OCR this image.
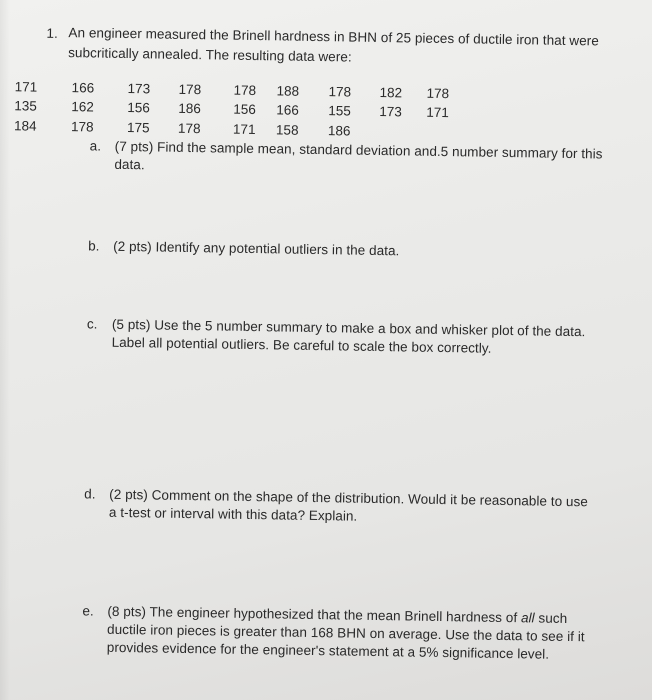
1. An engineer measured the Brinell hardness in BHN of 25 pieces of ductile iron that were
subcritically annealed. The resulting data were:
171	166	173	178	178	188	178	182	178
135	162	156	186	156	166	155	173	171
184	178	175	178	171	158	186
a. (7 pts) Find the sample mean, standard deviation and.5 number summary for this
data.
b. (2 pts) Identify any potential outliers in the data.
c. (5 pts) Use the 5 number summary to make a box and whisker plot of the data.
Label all potential outliers. Be careful to scale the box correctly.
d. (2 pts) Comment on the shape of the distribution. Would it be reasonable to use
a t-test or interval with this data? Explain.
e. (8 pts) The engineer hypothesized that the mean Brinell hardness of all such
ductile iron pieces is greater than 168 BHN on average. Use the data to see if it
provides evidence for the engineer's statement at a 5% significance level.
